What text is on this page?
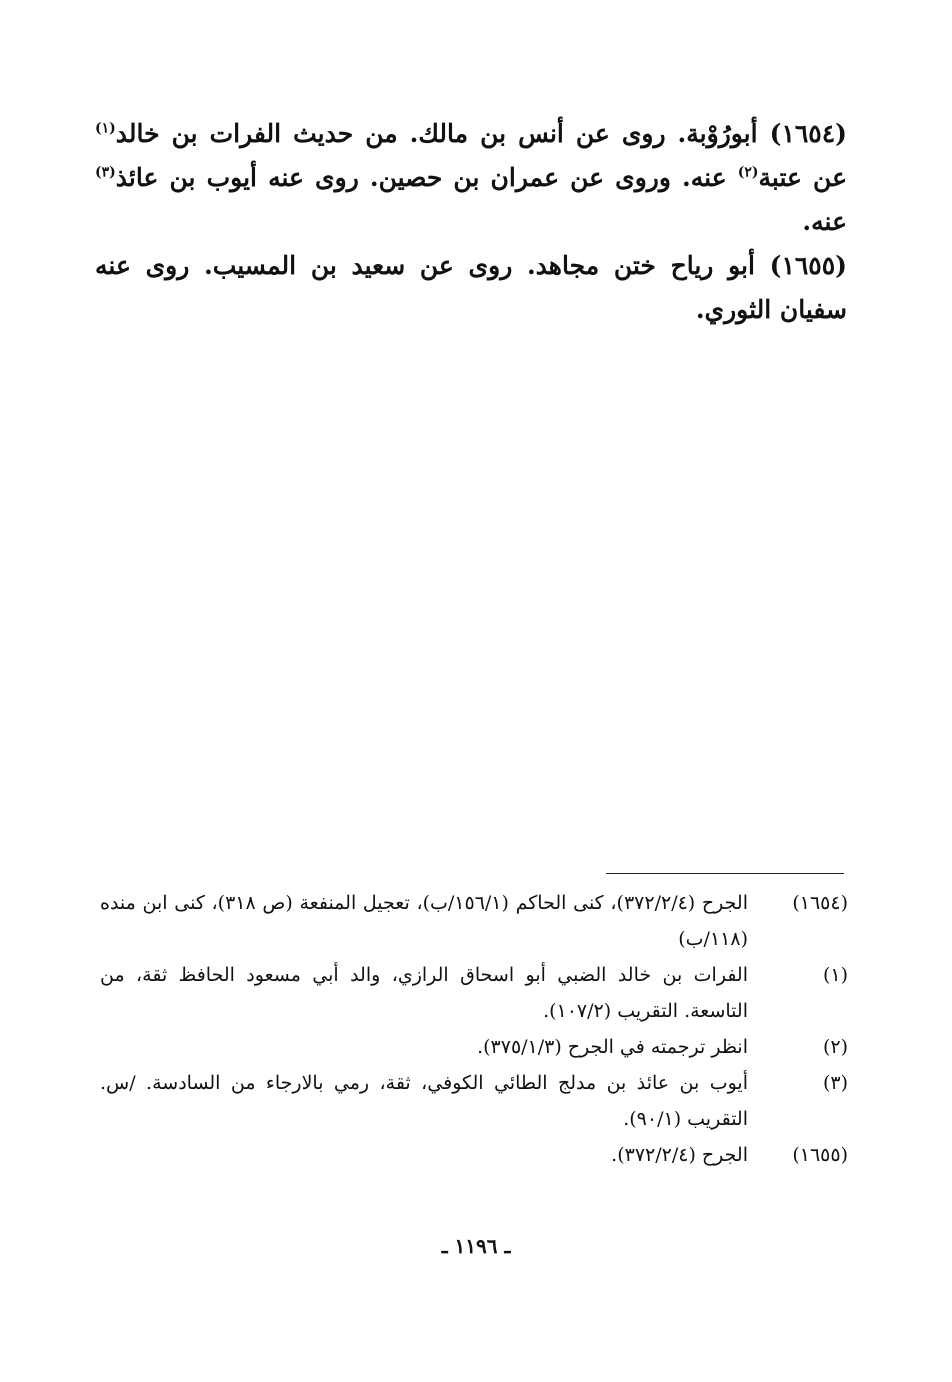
(١٦٥٤) أبورُوْبة. روى عن أنس بن مالك. من حديث الفرات بن خالد$^{(١)}$ عن عتبة$^{(٢)}$ عنه. وروى عن عمران بن حصين. روى عنه أيوب بن عائذ$^{(٣)}$ عنه.

(١٦٥٥) أبو رياح ختن مجاهد. روى عن سعيد بن المسيب. روى عنه سفيان الثوري.

(١٦٥٤)
الجرح (٣٧٢/٢/٤)، كنى الحاكم (١٥٦/١/ب)، تعجيل المنفعة (ص ٣١٨)، كنى ابن منده (١١٨/ب)
(١)
الفرات بن خالد الضبي أبو اسحاق الرازي، والد أبي مسعود الحافظ ثقة، من التاسعة. التقريب (١٠٧/٢).
(٢)
انظر ترجمته في الجرح (٣٧٥/١/٣).
(٣)
أيوب بن عائذ بن مدلج الطائي الكوفي، ثقة، رمي بالارجاء من السادسة. /س. التقريب (٩٠/١).
(١٦٥٥)
الجرح (٣٧٢/٢/٤).
ـ ١١٩٦ ـ
